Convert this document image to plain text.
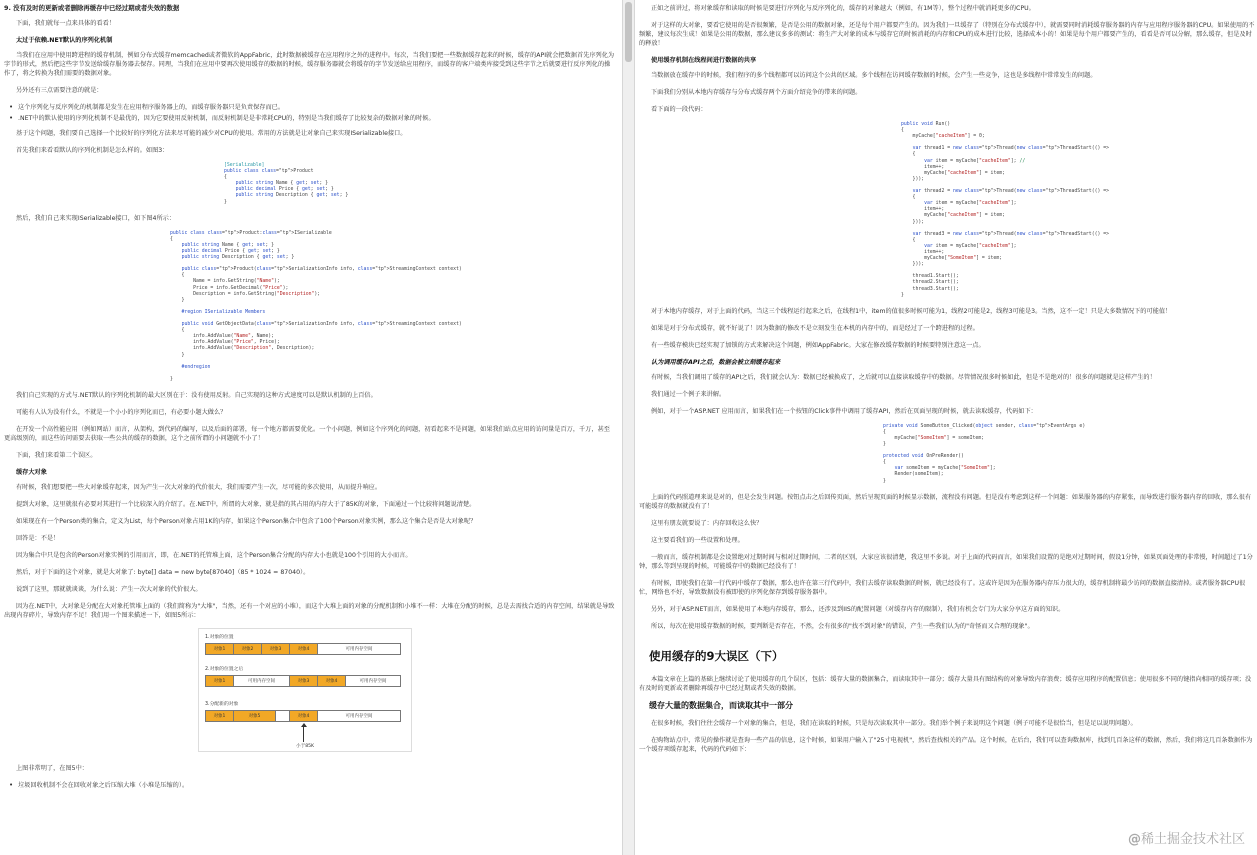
9. 没有及时的更新或者删除再缓存中已经过期或者失效的数据

下面，我们就每一点来具体的看看！

太过于依赖.NET默认的序列化机制

当我们在应用中使用跨进程的缓存机制，例如分布式缓存memcached或者微软的AppFabric，此时数据被缓存在应用程序之外的进程中。每次，当我们要把一些数据缓存起来的时候，缓存的API就会把数据首先序列化为字节的形式，然后把这些字节发送给缓存服务器去保存。同理，当我们在应用中要再次使用缓存的数据的时候，缓存服务器就会将缓存的字节发送给应用程序，而缓存的客户端类库接受到这些字节之后就要进行反序列化的操作了，将之转换为我们需要的数据对象。

另外还有三点需要注意的就是：

• 这个序列化与反序列化的机制都是发生在应用程序服务器上的，而缓存服务器只是负责保存而已。
• .NET中的默认使用的序列化机制不是最优的，因为它要使用反射机制，而反射机制是是非常耗CPU的，特别是当我们缓存了比较复杂的数据对象的时候。

基于这个问题，我们要自己选择一个比较好的序列化方法来尽可能的减少对CPU的使用。常用的方法就是让对象自己来实现ISerializable接口。

首先我们来看看默认的序列化机制是怎么样的。如图3：

[Serializable]
public class class="tp">Product
{
public string Name { get; set; }
public decimal Price { get; set; }
public string Description { get; set; }
}

然后，我们自己来实现ISerializable接口，如下图4所示：

public class class="tp">Product:class="tp">ISerializable
{
public string Name { get; set; }
public decimal Price { get; set; }
public string Description { get; set; }

public class="tp">Product(class="tp">SerializationInfo info, class="tp">StreamingContext context)
{
Name = info.GetString("Name");
Price = info.GetDecimal("Price");
Description = info.GetString("Description");
}

#region ISerializable Members

public void GetObjectData(class="tp">SerializationInfo info, class="tp">StreamingContext context)
{
info.AddValue("Name", Name);
info.AddValue("Price", Price);
info.AddValue("Description", Description);
}

#endregion

}

我们自己实现的方式与.NET默认的序列化机制的最大区别在于：没有使用反射。自己实现的这种方式速度可以是默认机制的上百倍。

可能有人认为没有什么，不就是一个小小的序列化而已，有必要小题大做么？

在开发一个高性能应用（例如网站）而言，从架构，到代码的编写，以及后面的部署，每一个地方都需要优化。一个小问题，例如这个序列化的问题，初看起来不是问题，如果我们站点应用的访问量是百万，千万，甚至更高级别的，而这些访问需要去获取一些公共的缓存的数据，这个之前所谓的小问题就不小了！

下面，我们来看第二个误区。

缓存大对象

有时候，我们想要把一些大对象缓存起来，因为产生一次大对象的代价很大，我们需要产生一次，尽可能的多次使用，从而提升响应。

提到大对象，这里就很有必要对其进行一个比较深入的介绍了。在.NET中，所谓的大对象，就是指的其占用的内存大于了85K的对象，下面通过一个比较将问题说清楚。

如果现在有一个Person类的集合，定义为List，每个Person对象占用1K的内存，如果这个Person集合中包含了100个Person对象实例，那么这个集合是否是大对象呢？

回答是：不是！

因为集合中只是包含的Person对象实例的引用而言，即，在.NET的托管堆上面，这个Person集合分配的内存大小也就是100个引用的大小而言。

然后，对于下面的这个对象，就是大对象了: byte[] data = new byte[87040]（85 * 1024 = 87040）。

说到了这里，那就就谈谈，为什么说：产生一次大对象的代价很大。

因为在.NET中，大对象是分配在大对象托管堆上面的（我们简称为"大堆"，当然，还有一个对应的小堆），而这个大堆上面的对象的分配机制和小堆不一样：大堆在分配的时候，总是去需找合适的内存空间，结果就是导致出现内存碎片，导致内存不足！我们用一个图来描述一下，如图5所示：

1.对象的位置
对象1	对象2	对象3	对象4	可用内存空间
2.对象的位置之后
对象1	可用内存空间	对象3	对象4	可用内存空间
3.分配新的对象
对象1	对象5	对象4	可用内存空间
小于85K

上图非常明了，在图5中：

• 垃圾回收机制不会在回收对象之后压缩大堆（小堆是压缩的）。

正如之前讲过，将对象缓存和读取的时候是要进行序列化与反序列化的，缓存的对象越大（例如，有1M等），整个过程中就消耗更多的CPU。

对于这样的大对象，要看它使用的是否很频繁，是否是公用的数据对象，还是每个用户都要产生的。因为我们一旦缓存了（特别在分布式缓存中），就需要同时消耗缓存服务器的内存与应用程序服务器的CPU。如果使用的不频繁，建议每次生成！如果是公用的数据，那么建议多多的测试：将生产大对象的成本与缓存它的时候消耗的内存和CPU的成本进行比较，选择成本小的！如果是每个用户都要产生的，看看是否可以分解，那么缓存，但是及时的释放！

使用缓存机制在线程间进行数据的共享

当数据放在缓存中的时候，我们程序的多个线程都可以访问这个公共的区域。多个线程在访问缓存数据的时候，会产生一些竞争，这也是多线程中常常发生的问题。

下面我们分别从本地内存缓存与分布式缓存两个方面介绍竞争的带来的问题。

看下面的一段代码：

public void Run()
{
myCache["cacheItem"] = 0;

var thread1 = new class="tp">Thread(new class="tp">ThreadStart(() =>
{
var item = myCache["cacheItem"]; //
item++;
myCache["cacheItem"] = item;
}));

var thread2 = new class="tp">Thread(new class="tp">ThreadStart(() =>
{
var item = myCache["cacheItem"];
item++;
myCache["cacheItem"] = item;
}));

var thread3 = new class="tp">Thread(new class="tp">ThreadStart(() =>
{
var item = myCache["cacheItem"];
item++;
myCache["SomeItem"] = item;
}));

thread1.Start();
thread2.Start();
thread3.Start();
}

对于本地内存缓存，对于上面的代码，当这三个线程运行起来之后，在线程1中，item的值很多时候可能为1，线程2可能是2，线程3可能是3。当然，这不一定！只是大多数情况下的可能值！

如果是对于分布式缓存，就不好说了！因为数据的修改不是立刻发生在本机的内存中的，而是经过了一个跨进程的过程。

有一些缓存模块已经实现了加锁的方式来解决这个问题，例如AppFabric。大家在修改缓存数据的时候要特别注意这一点。

认为调用缓存API之后，数据会被立刻缓存起来

有时候，当我们调用了缓存的API之后，我们就会认为：数据已经被换成了，之后就可以直接读取缓存中的数据。尽管情况很多时候如此，但是不是绝对的！很多的问题就是这样产生的！

我们通过一个例子来讲解。

例如，对于一个ASP.NET 应用而言，如果我们在一个按钮的Click事件中调用了缓存API，然后在页面呈现的时候，就去读取缓存，代码如下：

private void SomeButton_Clicked(object sender, class="tp">EventArgs e)
{
myCache["SomeItem"] = someItem;
}

protected void OnPreRender()
{
var someItem = myCache["SomeItem"];
Render(someItem);
}

上面的代码照道理来说是对的，但是会发生问题。按钮点击之后回传页面，然后呈现页面的时候显示数据，流程没有问题。但是没有考虑到这样一个问题：如果服务器的内存紧张，而导致进行服务器内存的回收，那么很有可能缓存的数据就没有了！

这里有朋友就要说了：内存回收这么快？

这主要看我们的一些设置和处理。

一般而言，缓存机制都是会设置绝对过期时间与相对过期时间，二者的区别，大家应该很清楚，我这里不多说。对于上面的代码而言，如果我们设置的是绝对过期时间，假设1分钟，如果页面处理的非常慢，时间超过了1分钟，那么等到呈现的时候，可能缓存中的数据已经没有了！

有时候，即使我们在第一行代码中缓存了数据，那么也许在第三行代码中，我们去缓存读取数据的时候，就已经没有了。这或许是因为在服务器内存压力很大的，缓存机制将最少访问的数据直接清掉。或者服务器CPU很忙，网络也不好，导致数据没有被即使的序列化保存到缓存服务器中。

另外，对于ASP.NET而言，如果使用了本地内存缓存，那么，还涉及到IIS的配置问题（对缓存内存的限制），我们有机会专门为大家分享这方面的知识。

所以，每次在使用缓存数据的时候，要判断是否存在，不然，会有很多的"找不到对象"的错误，产生一些我们认为的"奇怪而又合理的现象"。

使用缓存的9大误区（下）

本篇文章在上篇的基础上继续讨论了使用缓存的几个误区，包括：缓存大量的数据集合，而读取其中一部分；缓存大量具有图结构的对象导致内存浪费；缓存应用程序的配置信息；使用很多不同的键指向相同的缓存项；没有及时的更新或者删除再缓存中已经过期或者失效的数据。

缓存大量的数据集合，而读取其中一部分

在很多时候，我们往往会缓存一个对象的集合，但是，我们在读取的时候，只是每次读取其中一部分。我们举个例子来说明这个问题（例子可能不是很恰当，但是足以说明问题）。

在购物站点中，常见的操作就是查询一些产品的信息，这个时候，如果用户输入了"25寸电视机"，然后查找相关的产品。这个时候，在后台，我们可以查询数据库，找到几百条这样的数据，然后，我们将这几百条数据作为一个缓存项缓存起来，代码的代码如下：

@稀土掘金技术社区
